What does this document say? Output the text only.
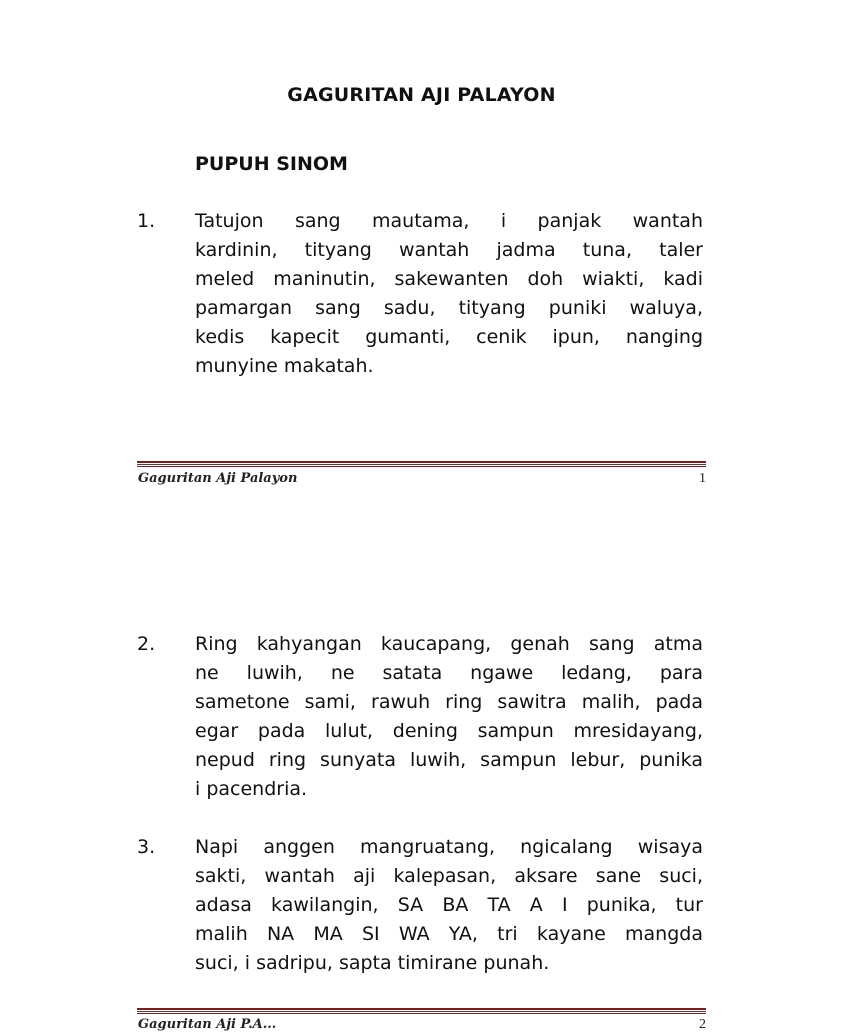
GAGURITAN AJI PALAYON
PUPUH SINOM
1. Tatujon sang mautama, i panjak wantah
kardinin, tityang wantah jadma tuna, taler
meled maninutin, sakewanten doh wiakti, kadi
pamargan sang sadu, tityang puniki waluya,
kedis kapecit gumanti, cenik ipun, nanging
munyine makatah.
Gaguritan Aji Palayon	1
2. Ring kahyangan kaucapang, genah sang atma
ne luwih, ne satata ngawe ledang, para
sametone sami, rawuh ring sawitra malih, pada
egar pada lulut, dening sampun mresidayang,
nepud ring sunyata luwih, sampun lebur, punika
i pacendria.
3. Napi anggen mangruatang, ngicalang wisaya
sakti, wantah aji kalepasan, aksare sane suci,
adasa kawilangin, SA BA TA A I punika, tur
malih NA MA SI WA YA, tri kayane mangda
suci, i sadripu, sapta timirane punah.
Gaguritan Aji P.A...	2
